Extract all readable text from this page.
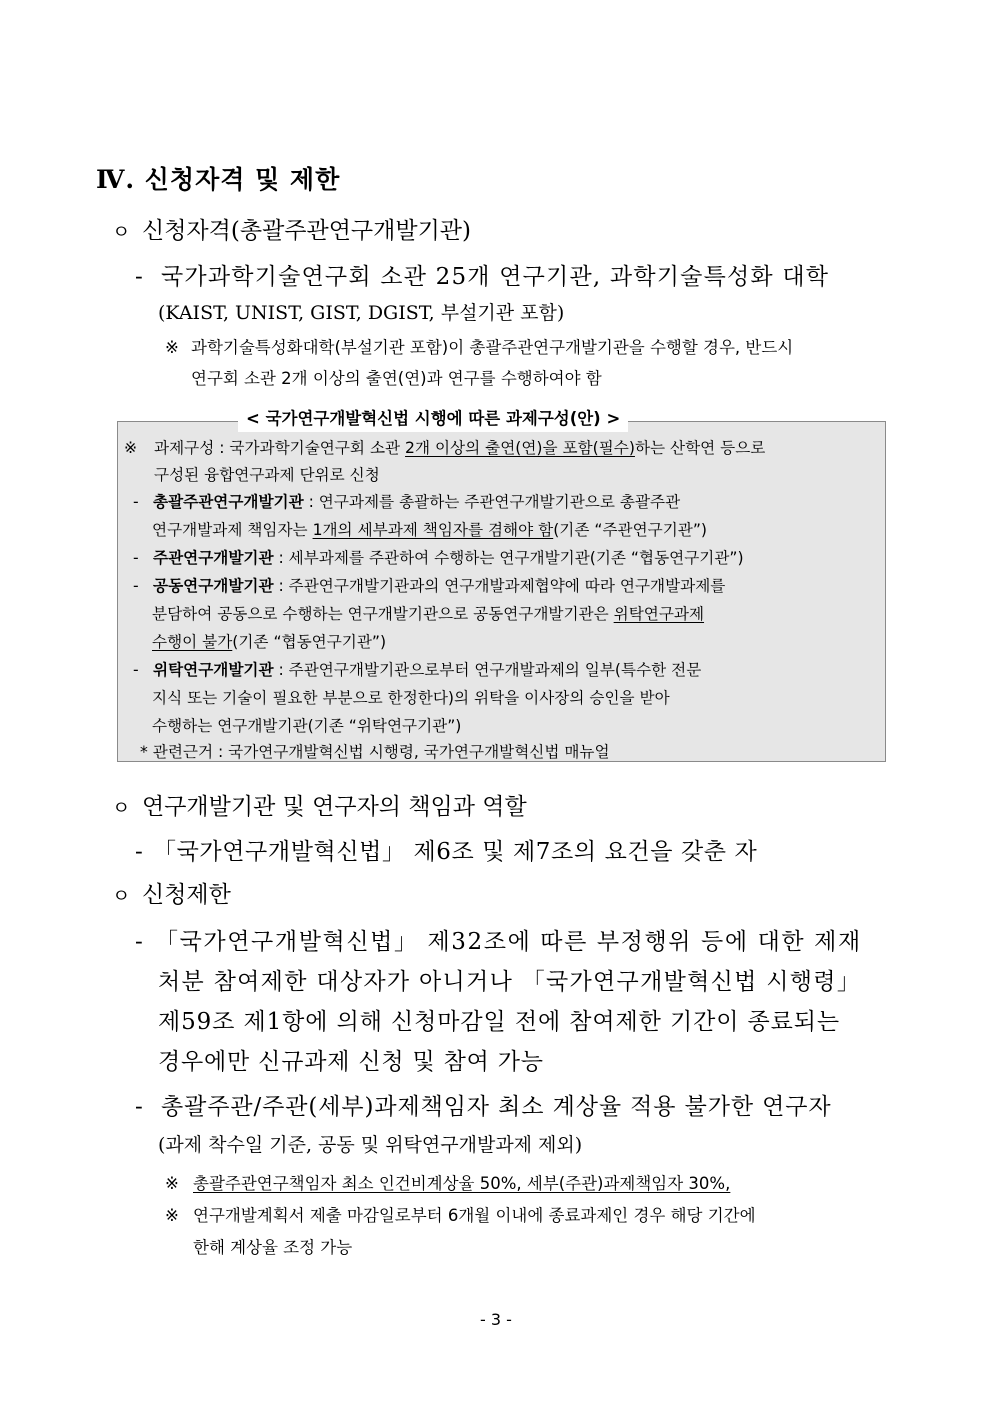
Ⅳ. 신청자격 및 제한
ㅇ 신청자격(총괄주관연구개발기관)
- 국가과학기술연구회 소관 25개 연구기관, 과학기술특성화 대학
(KAIST, UNIST, GIST, DGIST, 부설기관 포함)
※ 과학기술특성화대학(부설기관 포함)이 총괄주관연구개발기관을 수행할 경우, 반드시
연구회 소관 2개 이상의 출연(연)과 연구를 수행하여야 함
< 국가연구개발혁신법 시행에 따른 과제구성(안) >
※ 과제구성 : 국가과학기술연구회 소관 2개 이상의 출연(연)을 포함(필수)하는 산학연 등으로
구성된 융합연구과제 단위로 신청
- 총괄주관연구개발기관 : 연구과제를 총괄하는 주관연구개발기관으로 총괄주관
연구개발과제 책임자는 1개의 세부과제 책임자를 겸해야 함(기존 “주관연구기관”)
- 주관연구개발기관 : 세부과제를 주관하여 수행하는 연구개발기관(기존 “협동연구기관”)
- 공동연구개발기관 : 주관연구개발기관과의 연구개발과제협약에 따라 연구개발과제를
분담하여 공동으로 수행하는 연구개발기관으로 공동연구개발기관은 위탁연구과제
수행이 불가(기존 “협동연구기관”)
- 위탁연구개발기관 : 주관연구개발기관으로부터 연구개발과제의 일부(특수한 전문
지식 또는 기술이 필요한 부분으로 한정한다)의 위탁을 이사장의 승인을 받아
수행하는 연구개발기관(기존 “위탁연구기관”)
* 관련근거 : 국가연구개발혁신법 시행령, 국가연구개발혁신법 매뉴얼
ㅇ 연구개발기관 및 연구자의 책임과 역할
- 「국가연구개발혁신법」 제6조 및 제7조의 요건을 갖춘 자
ㅇ 신청제한
- 「국가연구개발혁신법」 제32조에 따른 부정행위 등에 대한 제재
처분 참여제한 대상자가 아니거나 「국가연구개발혁신법 시행령」
제59조 제1항에 의해 신청마감일 전에 참여제한 기간이 종료되는
경우에만 신규과제 신청 및 참여 가능
- 총괄주관/주관(세부)과제책임자 최소 계상율 적용 불가한 연구자
(과제 착수일 기준, 공동 및 위탁연구개발과제 제외)
※ 총괄주관연구책임자 최소 인건비계상율 50%, 세부(주관)과제책임자 30%,
※ 연구개발계획서 제출 마감일로부터 6개월 이내에 종료과제인 경우 해당 기간에
한해 계상율 조정 가능
- 3 -
